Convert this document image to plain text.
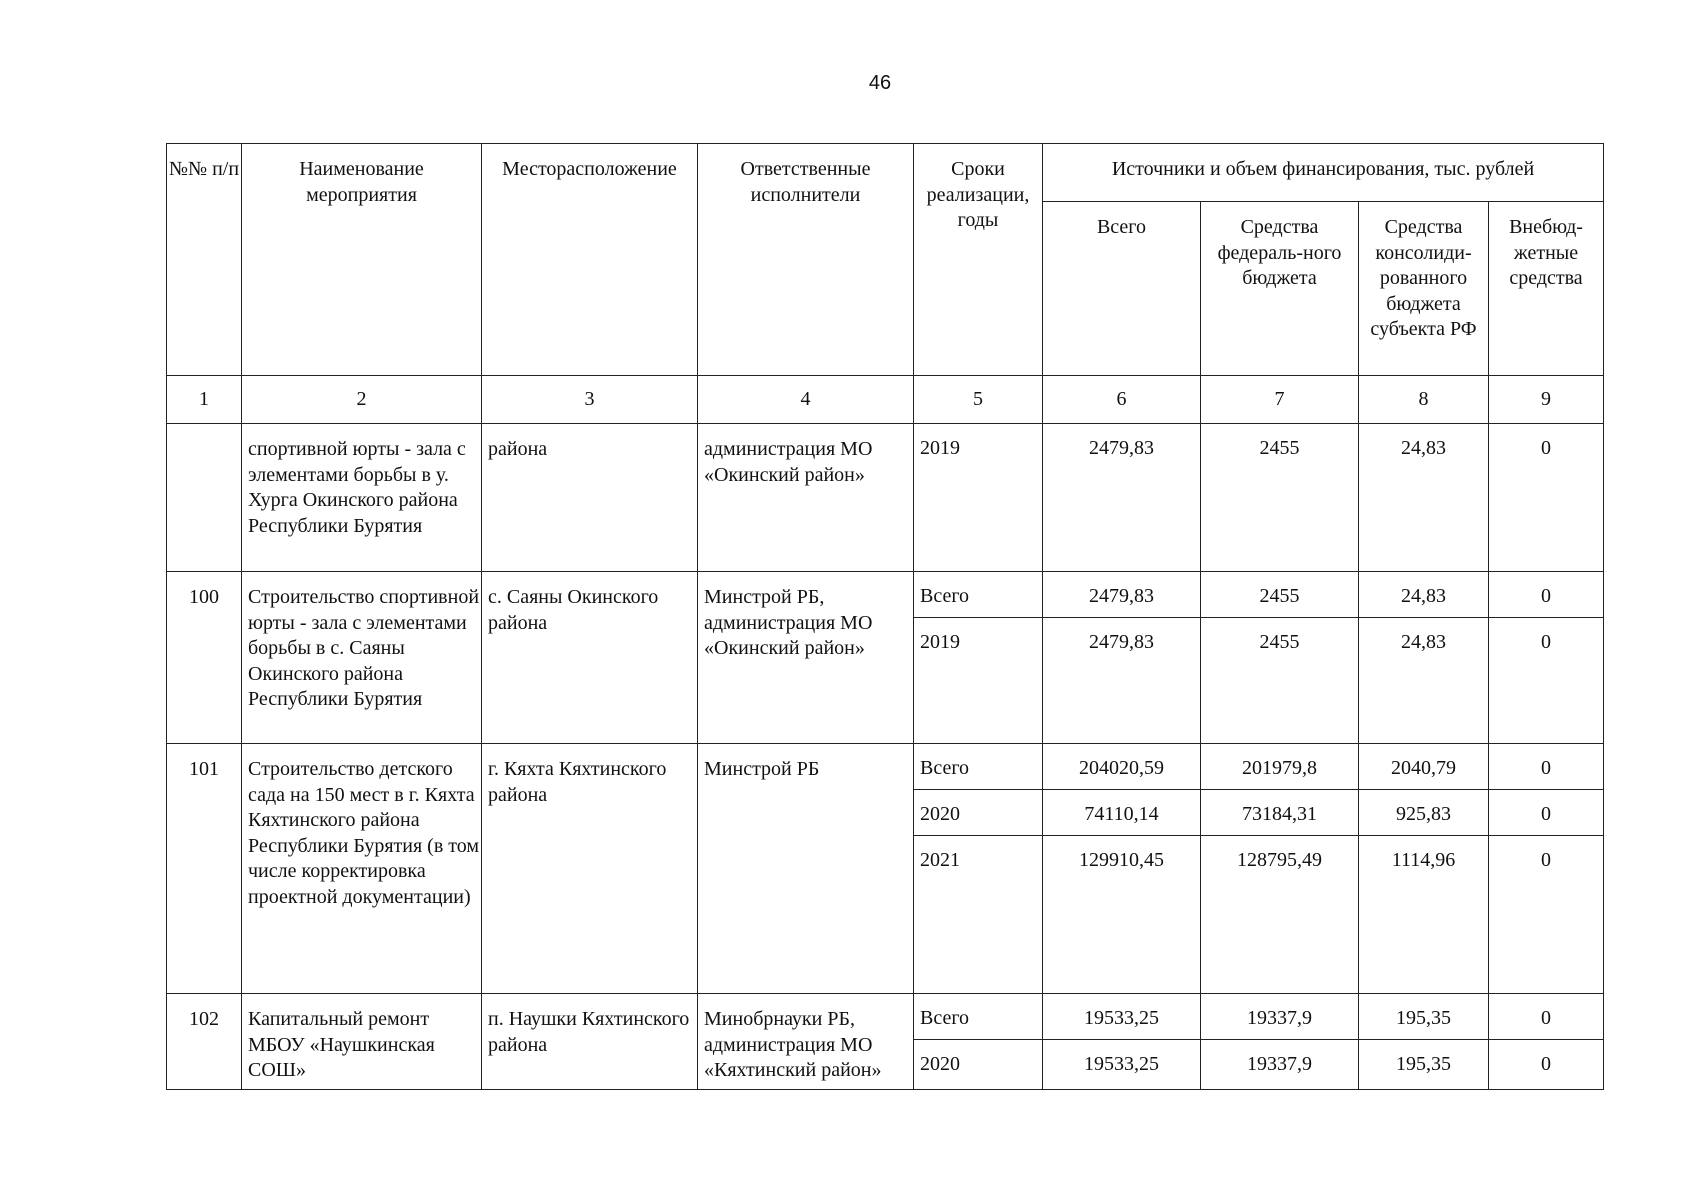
46
№№ п/п	Наименование мероприятия	Месторасположение	Ответственные исполнители	Сроки реализации, годы	Источники и объем финансирования, тыс. рублей			
					Всего	Средства федераль-ного бюджета	Средства консолиди-рованного бюджета субъекта РФ	Внебюд-жетные средства
1	2	3	4	5	6	7	8	9
	спортивной юрты - зала с элементами борьбы в у. Хурга Окинского района Республики Бурятия	района	администрация МО «Окинский район»	2019	2479,83	2455	24,83	0
100	Строительство спортивной юрты - зала с элементами борьбы в с. Саяны Окинского района Республики Бурятия	с. Саяны Окинского района	Минстрой РБ, администрация МО «Окинский район»	Всего	2479,83	2455	24,83	0
				2019	2479,83	2455	24,83	0
101	Строительство детского сада на 150 мест в г. Кяхта Кяхтинского района Республики Бурятия (в том числе корректировка проектной документации)	г. Кяхта Кяхтинского района	Минстрой РБ	Всего	204020,59	201979,8	2040,79	0
				2020	74110,14	73184,31	925,83	0
				2021	129910,45	128795,49	1114,96	0
102	Капитальный ремонт МБОУ «Наушкинская СОШ»	п. Наушки Кяхтинского района	Минобрнауки РБ, администрация МО «Кяхтинский район»	Всего	19533,25	19337,9	195,35	0
				2020	19533,25	19337,9	195,35	0
